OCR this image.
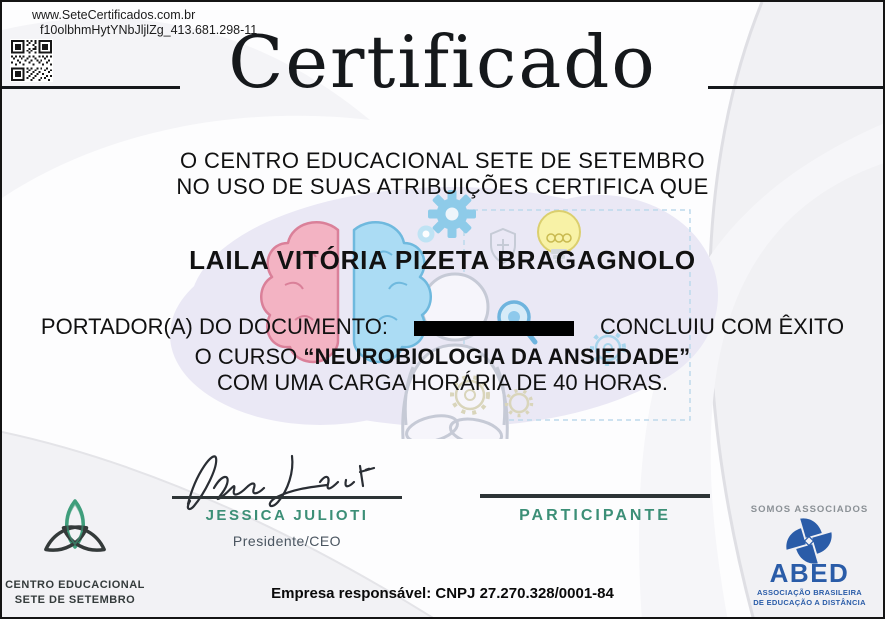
www.SeteCertificados.com.br
f10olbhmHytYNbJljlZg_413.681.298-11
Certificado
O CENTRO EDUCACIONAL SETE DE SETEMBRO
NO USO DE SUAS ATRIBUIÇÕES CERTIFICA QUE
LAILA VITÓRIA PIZETA BRAGAGNOLO
PORTADOR(A) DO DOCUMENTO:	CONCLUIU COM ÊXITO
O CURSO “NEUROBIOLOGIA DA ANSIEDADE”
COM UMA CARGA HORÁRIA DE 40 HORAS.
JESSICA JULIOTI
Presidente/CEO
PARTICIPANTE
CENTRO EDUCACIONAL
SETE DE SETEMBRO	Empresa responsável: CNPJ 27.270.328/0001-84
SOMOS ASSOCIADOS
ABED
ASSOCIAÇÃO BRASILEIRA
DE EDUCAÇÃO A DISTÂNCIA
